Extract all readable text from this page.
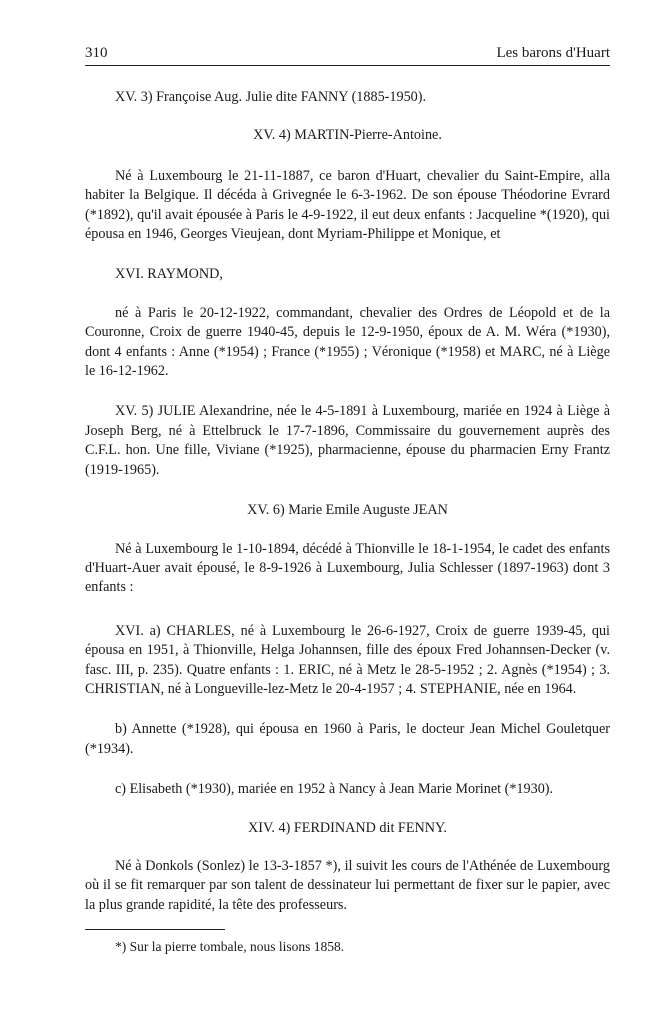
310	Les barons d'Huart

XV. 3) Françoise Aug. Julie dite FANNY (1885-1950).

XV. 4) MARTIN-Pierre-Antoine.

Né à Luxembourg le 21-11-1887, ce baron d'Huart, chevalier du Saint-Empire, alla habiter la Belgique. Il décéda à Grivegnée le 6-3-1962. De son épouse Théodorine Evrard (*1892), qu'il avait épousée à Paris le 4-9-1922, il eut deux enfants : Jacqueline *(1920), qui épousa en 1946, Georges Vieujean, dont Myriam-Philippe et Monique, et

XVI. RAYMOND,

né à Paris le 20-12-1922, commandant, chevalier des Ordres de Léopold et de la Couronne, Croix de guerre 1940-45, depuis le 12-9-1950, époux de A. M. Wéra (*1930), dont 4 enfants : Anne (*1954) ; France (*1955) ; Véronique (*1958) et MARC, né à Liège le 16-12-1962.

XV. 5) JULIE Alexandrine, née le 4-5-1891 à Luxembourg, mariée en 1924 à Liège à Joseph Berg, né à Ettelbruck le 17-7-1896, Commissaire du gouvernement auprès des C.F.L. hon. Une fille, Viviane (*1925), pharmacienne, épouse du pharmacien Erny Frantz (1919-1965).

XV. 6) Marie Emile Auguste JEAN

Né à Luxembourg le 1-10-1894, décédé à Thionville le 18-1-1954, le cadet des enfants d'Huart-Auer avait épousé, le 8-9-1926 à Luxembourg, Julia Schlesser (1897-1963) dont 3 enfants :

XVI. a) CHARLES, né à Luxembourg le 26-6-1927, Croix de guerre 1939-45, qui épousa en 1951, à Thionville, Helga Johannsen, fille des époux Fred Johannsen-Decker (v. fasc. III, p. 235). Quatre enfants : 1. ERIC, né à Metz le 28-5-1952 ; 2. Agnès (*1954) ; 3. CHRISTIAN, né à Longueville-lez-Metz le 20-4-1957 ; 4. STEPHANIE, née en 1964.

b) Annette (*1928), qui épousa en 1960 à Paris, le docteur Jean Michel Gouletquer (*1934).

c) Elisabeth (*1930), mariée en 1952 à Nancy à Jean Marie Morinet (*1930).

XIV. 4) FERDINAND dit FENNY.

Né à Donkols (Sonlez) le 13-3-1857 *), il suivit les cours de l'Athénée de Luxembourg où il se fit remarquer par son talent de dessinateur lui permettant de fixer sur le papier, avec la plus grande rapidité, la tête des professeurs.

*) Sur la pierre tombale, nous lisons 1858.
